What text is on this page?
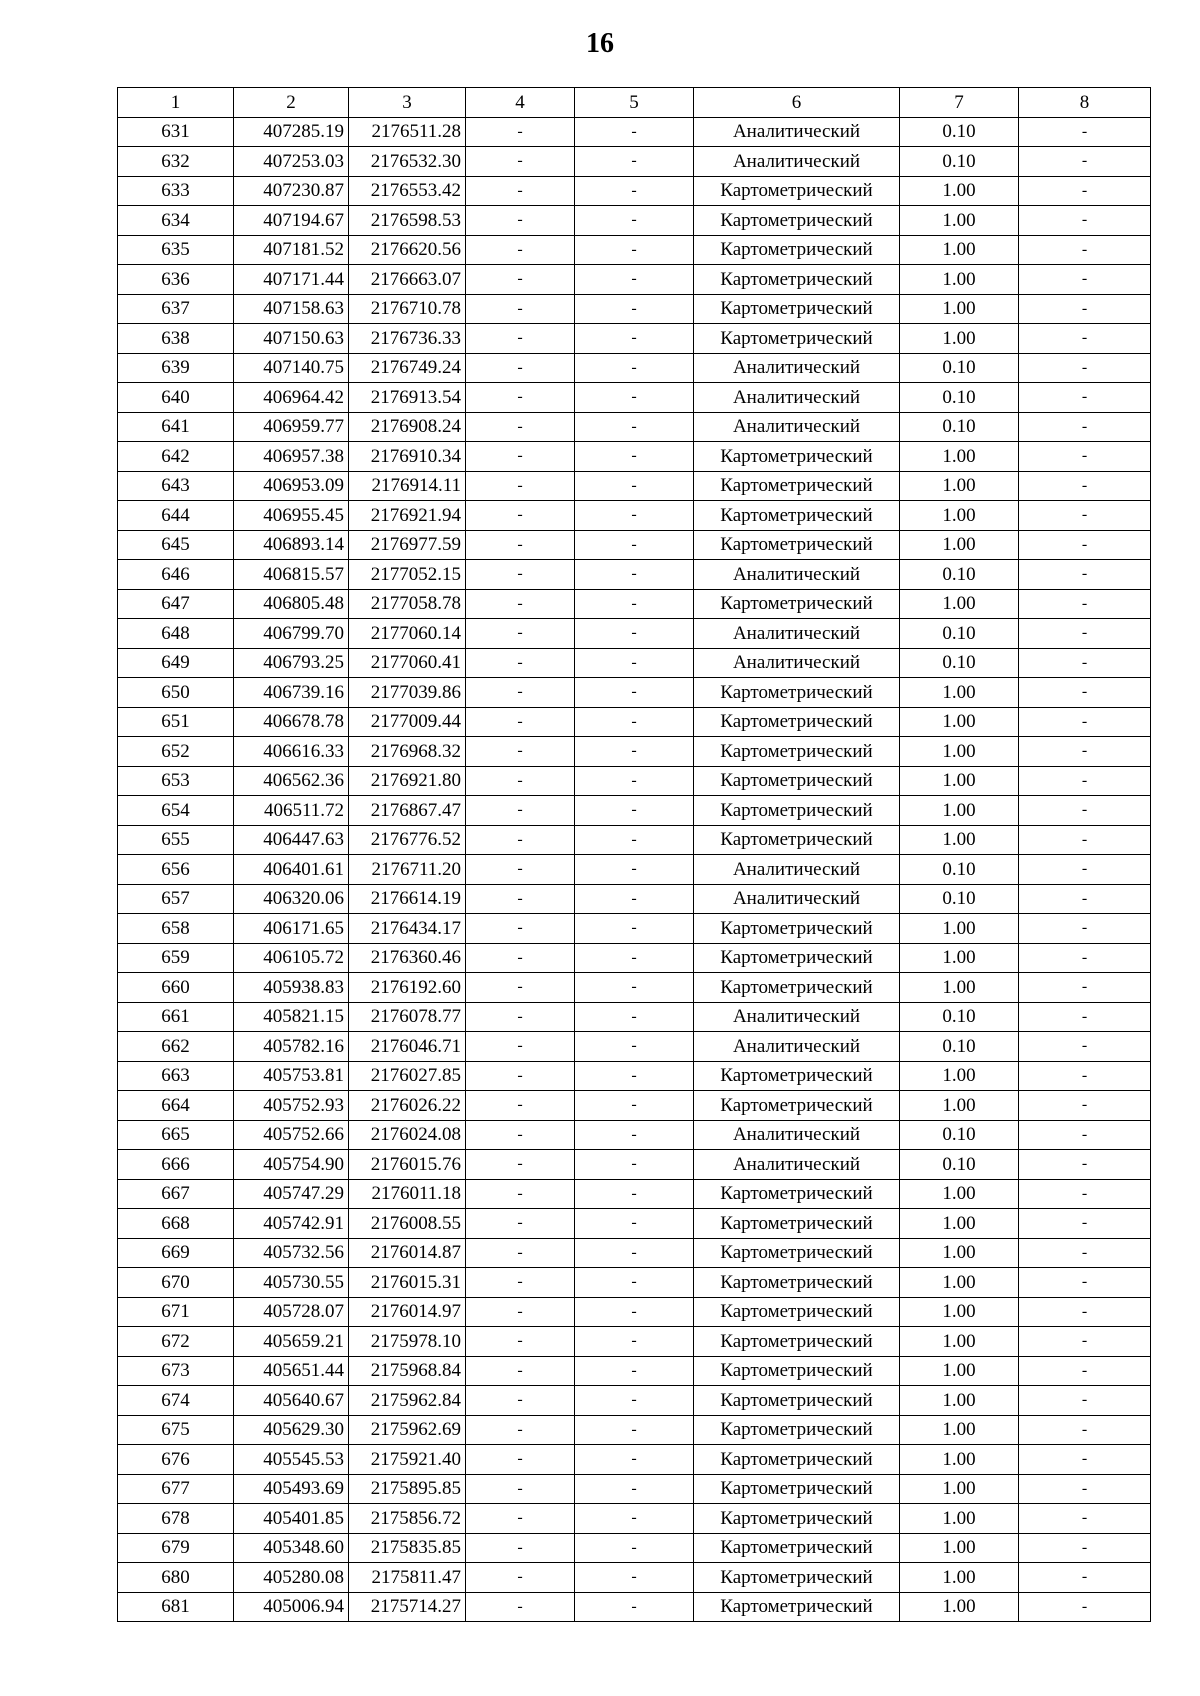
16
1	2	3	4	5	6	7	8
631	407285.19	2176511.28	-	-	Аналитический	0.10	-
632	407253.03	2176532.30	-	-	Аналитический	0.10	-
633	407230.87	2176553.42	-	-	Картометрический	1.00	-
634	407194.67	2176598.53	-	-	Картометрический	1.00	-
635	407181.52	2176620.56	-	-	Картометрический	1.00	-
636	407171.44	2176663.07	-	-	Картометрический	1.00	-
637	407158.63	2176710.78	-	-	Картометрический	1.00	-
638	407150.63	2176736.33	-	-	Картометрический	1.00	-
639	407140.75	2176749.24	-	-	Аналитический	0.10	-
640	406964.42	2176913.54	-	-	Аналитический	0.10	-
641	406959.77	2176908.24	-	-	Аналитический	0.10	-
642	406957.38	2176910.34	-	-	Картометрический	1.00	-
643	406953.09	2176914.11	-	-	Картометрический	1.00	-
644	406955.45	2176921.94	-	-	Картометрический	1.00	-
645	406893.14	2176977.59	-	-	Картометрический	1.00	-
646	406815.57	2177052.15	-	-	Аналитический	0.10	-
647	406805.48	2177058.78	-	-	Картометрический	1.00	-
648	406799.70	2177060.14	-	-	Аналитический	0.10	-
649	406793.25	2177060.41	-	-	Аналитический	0.10	-
650	406739.16	2177039.86	-	-	Картометрический	1.00	-
651	406678.78	2177009.44	-	-	Картометрический	1.00	-
652	406616.33	2176968.32	-	-	Картометрический	1.00	-
653	406562.36	2176921.80	-	-	Картометрический	1.00	-
654	406511.72	2176867.47	-	-	Картометрический	1.00	-
655	406447.63	2176776.52	-	-	Картометрический	1.00	-
656	406401.61	2176711.20	-	-	Аналитический	0.10	-
657	406320.06	2176614.19	-	-	Аналитический	0.10	-
658	406171.65	2176434.17	-	-	Картометрический	1.00	-
659	406105.72	2176360.46	-	-	Картометрический	1.00	-
660	405938.83	2176192.60	-	-	Картометрический	1.00	-
661	405821.15	2176078.77	-	-	Аналитический	0.10	-
662	405782.16	2176046.71	-	-	Аналитический	0.10	-
663	405753.81	2176027.85	-	-	Картометрический	1.00	-
664	405752.93	2176026.22	-	-	Картометрический	1.00	-
665	405752.66	2176024.08	-	-	Аналитический	0.10	-
666	405754.90	2176015.76	-	-	Аналитический	0.10	-
667	405747.29	2176011.18	-	-	Картометрический	1.00	-
668	405742.91	2176008.55	-	-	Картометрический	1.00	-
669	405732.56	2176014.87	-	-	Картометрический	1.00	-
670	405730.55	2176015.31	-	-	Картометрический	1.00	-
671	405728.07	2176014.97	-	-	Картометрический	1.00	-
672	405659.21	2175978.10	-	-	Картометрический	1.00	-
673	405651.44	2175968.84	-	-	Картометрический	1.00	-
674	405640.67	2175962.84	-	-	Картометрический	1.00	-
675	405629.30	2175962.69	-	-	Картометрический	1.00	-
676	405545.53	2175921.40	-	-	Картометрический	1.00	-
677	405493.69	2175895.85	-	-	Картометрический	1.00	-
678	405401.85	2175856.72	-	-	Картометрический	1.00	-
679	405348.60	2175835.85	-	-	Картометрический	1.00	-
680	405280.08	2175811.47	-	-	Картометрический	1.00	-
681	405006.94	2175714.27	-	-	Картометрический	1.00	-
